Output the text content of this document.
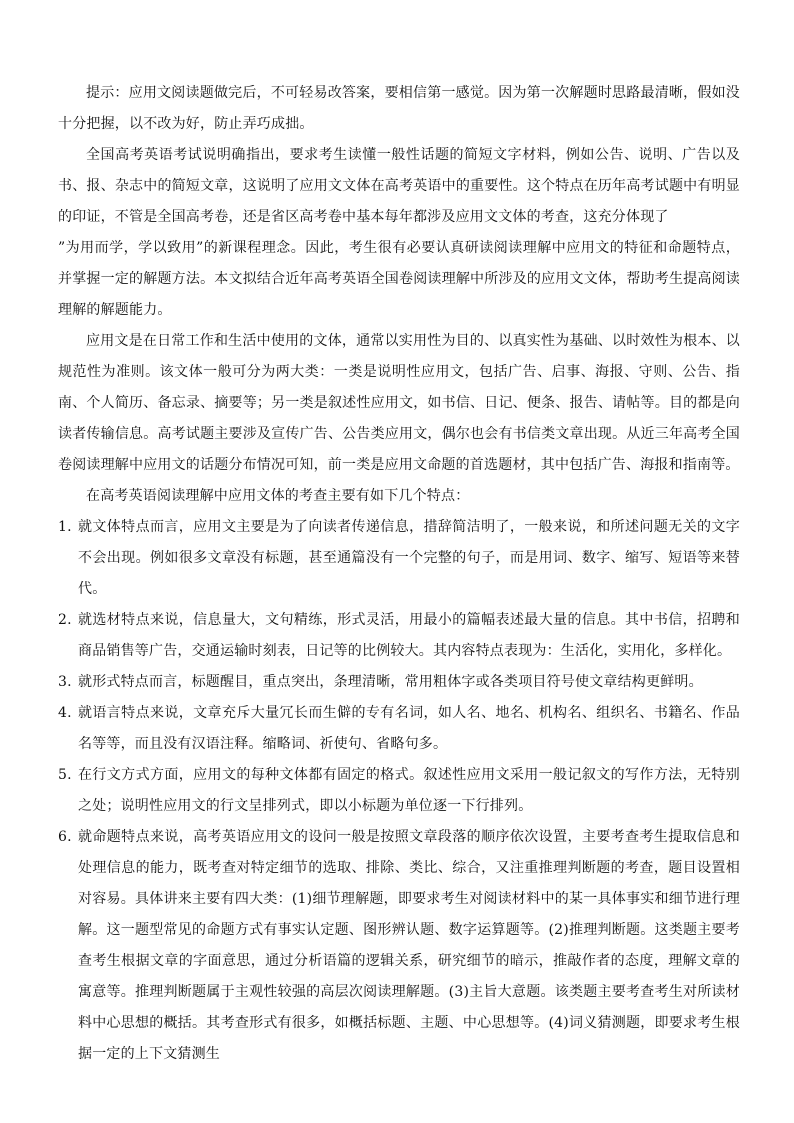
提示：应用文阅读题做完后，不可轻易改答案，要相信第一感觉。因为第一次解题时思路最清晰，假如没十分把握，以不改为好，防止弄巧成拙。

全国高考英语考试说明确指出，要求考生读懂一般性话题的简短文字材料，例如公告、说明、广告以及书、报、杂志中的简短文章，这说明了应用文文体在高考英语中的重要性。这个特点在历年高考试题中有明显的印证，不管是全国高考卷，还是省区高考卷中基本每年都涉及应用文文体的考查，这充分体现了

”为用而学，学以致用”的新课程理念。因此，考生很有必要认真研读阅读理解中应用文的特征和命题特点，并掌握一定的解题方法。本文拟结合近年高考英语全国卷阅读理解中所涉及的应用文文体，帮助考生提高阅读理解的解题能力。

应用文是在日常工作和生活中使用的文体，通常以实用性为目的、以真实性为基础、以时效性为根本、以规范性为准则。该文体一般可分为两大类：一类是说明性应用文，包括广告、启事、海报、守则、公告、指南、个人简历、备忘录、摘要等；另一类是叙述性应用文，如书信、日记、便条、报告、请帖等。目的都是向读者传输信息。高考试题主要涉及宣传广告、公告类应用文，偶尔也会有书信类文章出现。从近三年高考全国卷阅读理解中应用文的话题分布情况可知，前一类是应用文命题的首选题材，其中包括广告、海报和指南等。

在高考英语阅读理解中应用文体的考查主要有如下几个特点：

1. 就文体特点而言，应用文主要是为了向读者传递信息，措辞简洁明了，一般来说，和所述问题无关的文字不会出现。例如很多文章没有标题，甚至通篇没有一个完整的句子，而是用词、数字、缩写、短语等来替代。
2. 就选材特点来说，信息量大，文句精练，形式灵活，用最小的篇幅表述最大量的信息。其中书信，招聘和商品销售等广告，交通运输时刻表，日记等的比例较大。其内容特点表现为：生活化，实用化，多样化。
3. 就形式特点而言，标题醒目，重点突出，条理清晰，常用粗体字或各类项目符号使文章结构更鲜明。
4. 就语言特点来说，文章充斥大量冗长而生僻的专有名词，如人名、地名、机构名、组织名、书籍名、作品名等等，而且没有汉语注释。缩略词、祈使句、省略句多。
5. 在行文方式方面，应用文的每种文体都有固定的格式。叙述性应用文采用一般记叙文的写作方法，无特别之处；说明性应用文的行文呈排列式，即以小标题为单位逐一下行排列。
6. 就命题特点来说，高考英语应用文的设问一般是按照文章段落的顺序依次设置，主要考查考生提取信息和处理信息的能力，既考查对特定细节的选取、排除、类比、综合，又注重推理判断题的考查，题目设置相对容易。具体讲来主要有四大类：(1)细节理解题，即要求考生对阅读材料中的某一具体事实和细节进行理解。这一题型常见的命题方式有事实认定题、图形辨认题、数字运算题等。(2)推理判断题。这类题主要考查考生根据文章的字面意思，通过分析语篇的逻辑关系，研究细节的暗示，推敲作者的态度，理解文章的寓意等。推理判断题属于主观性较强的高层次阅读理解题。(3)主旨大意题。该类题主要考查考生对所读材料中心思想的概括。其考查形式有很多，如概括标题、主题、中心思想等。(4)词义猜测题，即要求考生根据一定的上下文猜测生
